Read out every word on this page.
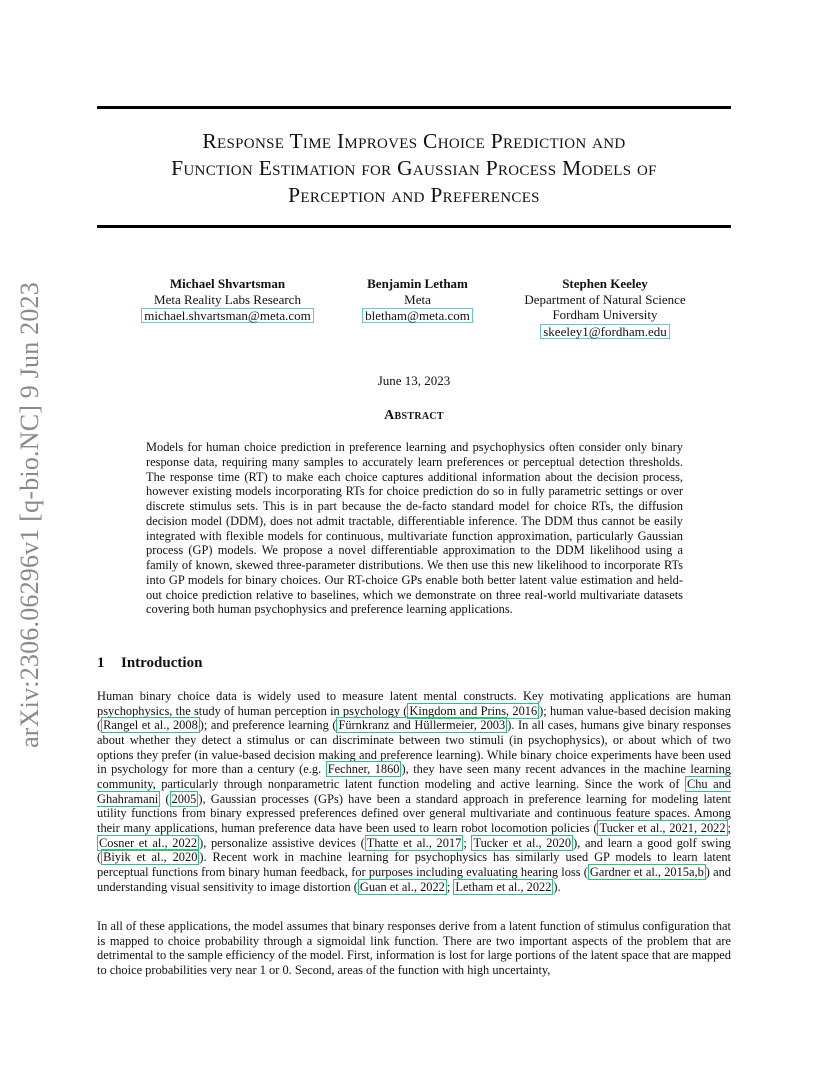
arXiv:2306.06296v1 [q-bio.NC] 9 Jun 2023
Response Time Improves Choice Prediction and
Function Estimation for Gaussian Process Models of
Perception and Preferences
Michael Shvartsman
Meta Reality Labs Research
michael.shvartsman@meta.com
Benjamin Letham
Meta
bletham@meta.com
Stephen Keeley
Department of Natural Science
Fordham University
skeeley1@fordham.edu
June 13, 2023
Abstract

Models for human choice prediction in preference learning and psychophysics often consider only binary response data, requiring many samples to accurately learn preferences or perceptual detection thresholds. The response time (RT) to make each choice captures additional information about the decision process, however existing models incorporating RTs for choice prediction do so in fully parametric settings or over discrete stimulus sets. This is in part because the de-facto standard model for choice RTs, the diffusion decision model (DDM), does not admit tractable, differentiable inference. The DDM thus cannot be easily integrated with flexible models for continuous, multivariate function approximation, particularly Gaussian process (GP) models. We propose a novel differentiable approximation to the DDM likelihood using a family of known, skewed three-parameter distributions. We then use this new likelihood to incorporate RTs into GP models for binary choices. Our RT-choice GPs enable both better latent value estimation and held-out choice prediction relative to baselines, which we demonstrate on three real-world multivariate datasets covering both human psychophysics and preference learning applications.

1 Introduction

Human binary choice data is widely used to measure latent mental constructs. Key motivating applications are human psychophysics, the study of human perception in psychology ( Kingdom and Prins, 2016 ); human value-based decision making ( Rangel et al., 2008 ); and preference learning ( Fürnkranz and Hüllermeier, 2003 ). In all cases, humans give binary responses about whether they detect a stimulus or can discriminate between two stimuli (in psychophysics), or about which of two options they prefer (in value-based decision making and preference learning). While binary choice experiments have been used in psychology for more than a century (e.g. Fechner, 1860 ), they have seen many recent advances in the machine learning community, particularly through nonparametric latent function modeling and active learning. Since the work of Chu and Ghahramani ( 2005 ), Gaussian processes (GPs) have been a standard approach in preference learning for modeling latent utility functions from binary expressed preferences defined over general multivariate and continuous feature spaces. Among their many applications, human preference data have been used to learn robot locomotion policies ( Tucker et al., 2021, 2022 ; Cosner et al., 2022 ), personalize assistive devices ( Thatte et al., 2017 ; Tucker et al., 2020 ), and learn a good golf swing ( Biyik et al., 2020 ). Recent work in machine learning for psychophysics has similarly used GP models to learn latent perceptual functions from binary human feedback, for purposes including evaluating hearing loss ( Gardner et al., 2015a,b ) and understanding visual sensitivity to image distortion ( Guan et al., 2022 ; Letham et al., 2022 ).

In all of these applications, the model assumes that binary responses derive from a latent function of stimulus configuration that is mapped to choice probability through a sigmoidal link function. There are two important aspects of the problem that are detrimental to the sample efficiency of the model. First, information is lost for large portions of the latent space that are mapped to choice probabilities very near 1 or 0. Second, areas of the function with high uncertainty,
